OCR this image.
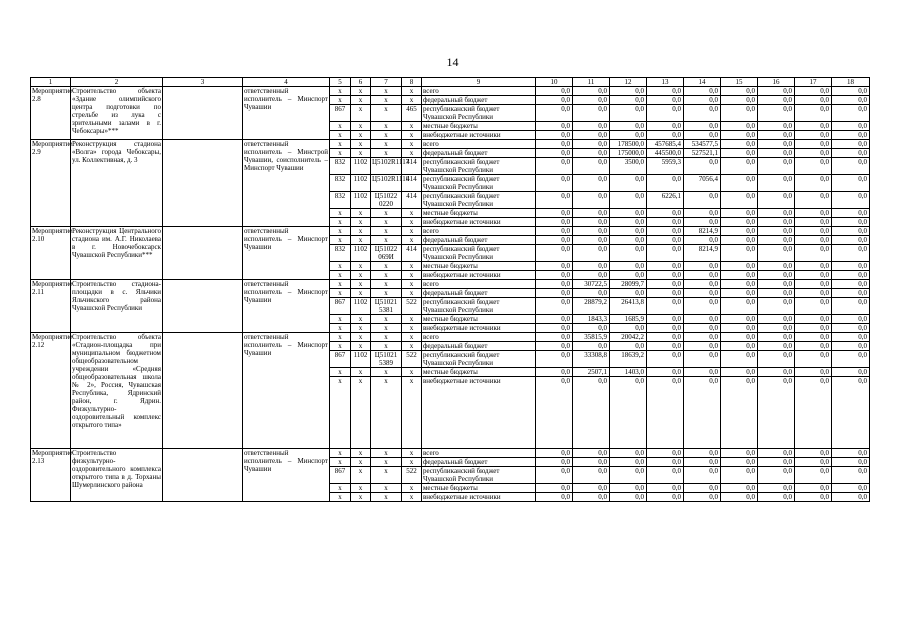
14
1	2	3	4	5	6	7	8	9	10	11	12	13	14	15	16	17	18
Мероприятие 2.8	Строительство объекта «Здание олимпийского центра подготовки по стрельбе из лука с зрительными залами в г. Чебоксары»***		ответственный исполнитель – Минспорт Чувашии	x	x	x	x	всего	0,0	0,0	0,0	0,0	0,0	0,0	0,0	0,0	0,0
				x	x	x	x	федеральный бюджет	0,0	0,0	0,0	0,0	0,0	0,0	0,0	0,0	0,0
				867	x	x	465	республиканский бюджет Чувашской Республики	0,0	0,0	0,0	0,0	0,0	0,0	0,0	0,0	0,0
				x	x	x	x	местные бюджеты	0,0	0,0	0,0	0,0	0,0	0,0	0,0	0,0	0,0
				x	x	x	x	внебюджетные источники	0,0	0,0	0,0	0,0	0,0	0,0	0,0	0,0	0,0
Мероприятие 2.9	Реконструкция стадиона «Волга» города Чебоксары, ул. Коллективная, д. 3		ответственный исполнитель – Минстрой Чувашии, соисполнитель – Минспорт Чувашии	x	x	x	x	всего	0,0	0,0	178500,0	457685,4	534577,5	0,0	0,0	0,0	0,0
				x	x	x	x	федеральный бюджет	0,0	0,0	175000,0	445500,0	527521,1	0,0	0,0	0,0	0,0
				832	1102	Ц5102R1117	414	республиканский бюджет Чувашской Республики	0,0	0,0	3500,0	5959,3	0,0	0,0	0,0	0,0	0,0
				832	1102	Ц5102R1110	414	республиканский бюджет Чувашской Республики	0,0	0,0	0,0	0,0	7056,4	0,0	0,0	0,0	0,0
				832	1102	Ц51022 0220	414	республиканский бюджет Чувашской Республики	0,0	0,0	0,0	6226,1	0,0	0,0	0,0	0,0	0,0
				x	x	x	x	местные бюджеты	0,0	0,0	0,0	0,0	0,0	0,0	0,0	0,0	0,0
				x	x	x	x	внебюджетные источники	0,0	0,0	0,0	0,0	0,0	0,0	0,0	0,0	0,0
Мероприятие 2.10	Реконструкция Центрального стадиона им. А.Г. Николаева в г. Новочебоксарск Чувашской Республики***		ответственный исполнитель – Минспорт Чувашии	x	x	x	x	всего	0,0	0,0	0,0	0,0	8214,9	0,0	0,0	0,0	0,0
				x	x	x	x	федеральный бюджет	0,0	0,0	0,0	0,0	0,0	0,0	0,0	0,0	0,0
				832	1102	Ц51022 069И	414	республиканский бюджет Чувашской Республики	0,0	0,0	0,0	0,0	8214,9	0,0	0,0	0,0	0,0
				x	x	x	x	местные бюджеты	0,0	0,0	0,0	0,0	0,0	0,0	0,0	0,0	0,0
				x	x	x	x	внебюджетные источники	0,0	0,0	0,0	0,0	0,0	0,0	0,0	0,0	0,0
Мероприятие 2.11	Строительство стадиона-площадки в с. Яльчики Яльчикского района Чувашской Республики		ответственный исполнитель – Минспорт Чувашии	x	x	x	x	всего	0,0	30722,5	28099,7	0,0	0,0	0,0	0,0	0,0	0,0
				x	x	x	x	федеральный бюджет	0,0	0,0	0,0	0,0	0,0	0,0	0,0	0,0	0,0
				867	1102	Ц51021 5381	522	республиканский бюджет Чувашской Республики	0,0	28879,2	26413,8	0,0	0,0	0,0	0,0	0,0	0,0
				x	x	x	x	местные бюджеты	0,0	1843,3	1685,9	0,0	0,0	0,0	0,0	0,0	0,0
				x	x	x	x	внебюджетные источники	0,0	0,0	0,0	0,0	0,0	0,0	0,0	0,0	0,0
Мероприятие 2.12	Строительство объекта «Стадион-площадка при муниципальном бюджетном общеобразовательном учреждении «Средняя общеобразовательная школа № 2», Россия, Чувашская Республика, Ядринский район, г. Ядрин. Физкультурно-оздоровительный комплекс открытого типа»		ответственный исполнитель – Минспорт Чувашии	x	x	x	x	всего	0,0	35815,9	20042,2	0,0	0,0	0,0	0,0	0,0	0,0
				x	x	x	x	федеральный бюджет	0,0	0,0	0,0	0,0	0,0	0,0	0,0	0,0	0,0
				867	1102	Ц51021 5389	522	республиканский бюджет Чувашской Республики	0,0	33308,8	18639,2	0,0	0,0	0,0	0,0	0,0	0,0
				x	x	x	x	местные бюджеты	0,0	2507,1	1403,0	0,0	0,0	0,0	0,0	0,0	0,0
				x	x	x	x	внебюджетные источники	0,0	0,0	0,0	0,0	0,0	0,0	0,0	0,0	0,0
Мероприятие 2.13	Строительство физкультурно-оздоровительного комплекса открытого типа в д. Торханы Шумерлинского района		ответственный исполнитель – Минспорт Чувашии	x	x	x	x	всего	0,0	0,0	0,0	0,0	0,0	0,0	0,0	0,0	0,0
				x	x	x	x	федеральный бюджет	0,0	0,0	0,0	0,0	0,0	0,0	0,0	0,0	0,0
				867	x	x	522	республиканский бюджет Чувашской Республики	0,0	0,0	0,0	0,0	0,0	0,0	0,0	0,0	0,0
				x	x	x	x	местные бюджеты	0,0	0,0	0,0	0,0	0,0	0,0	0,0	0,0	0,0
				x	x	x	x	внебюджетные источники	0,0	0,0	0,0	0,0	0,0	0,0	0,0	0,0	0,0
